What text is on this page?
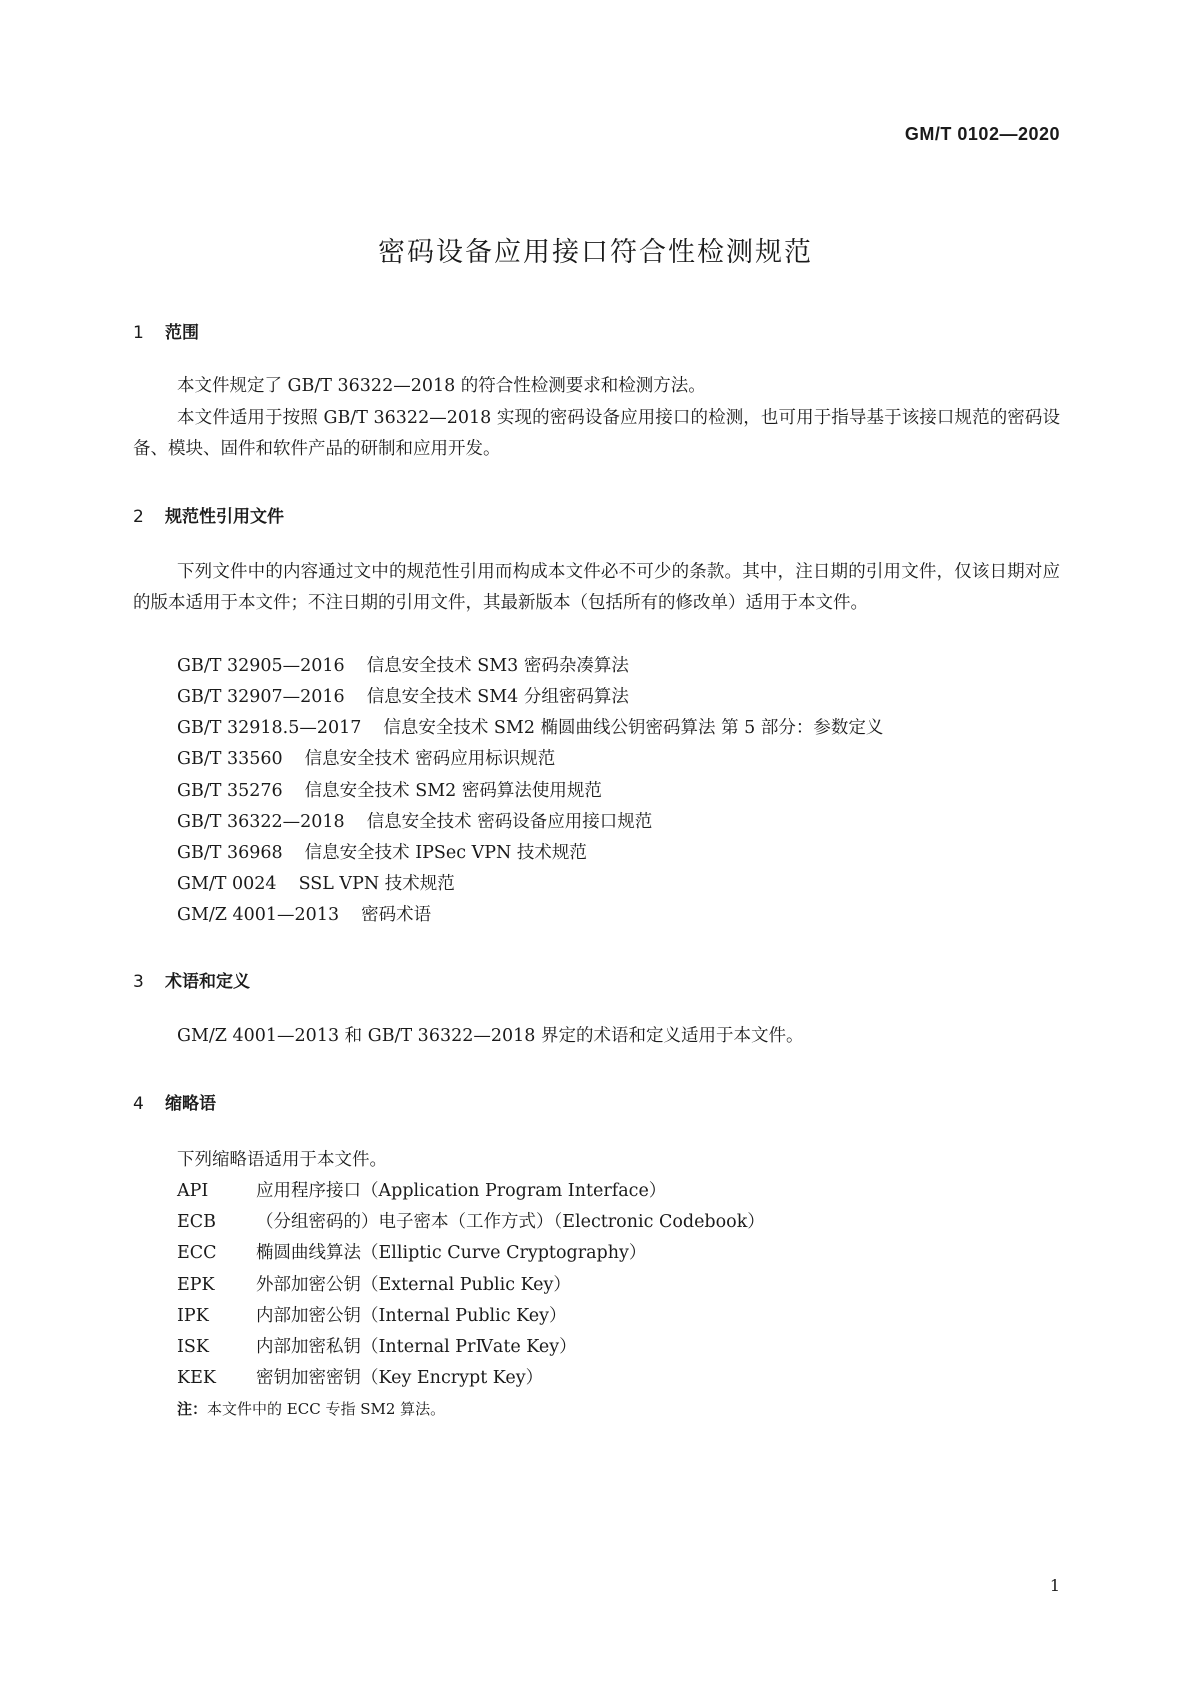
GM/T 0102—2020
密码设备应用接口符合性检测规范
1 范围
本文件规定了 GB/T 36322—2018 的符合性检测要求和检测方法。
本文件适用于按照 GB/T 36322—2018 实现的密码设备应用接口的检测，也可用于指导基于该接口规范的密码设备、模块、固件和软件产品的研制和应用开发。
2 规范性引用文件
下列文件中的内容通过文中的规范性引用而构成本文件必不可少的条款。其中，注日期的引用文件，仅该日期对应的版本适用于本文件；不注日期的引用文件，其最新版本（包括所有的修改单）适用于本文件。
GB/T 32905—2016 信息安全技术 SM3 密码杂凑算法
GB/T 32907—2016 信息安全技术 SM4 分组密码算法
GB/T 32918.5—2017 信息安全技术 SM2 椭圆曲线公钥密码算法 第 5 部分：参数定义
GB/T 33560 信息安全技术 密码应用标识规范
GB/T 35276 信息安全技术 SM2 密码算法使用规范
GB/T 36322—2018 信息安全技术 密码设备应用接口规范
GB/T 36968 信息安全技术 IPSec VPN 技术规范
GM/T 0024 SSL VPN 技术规范
GM/Z 4001—2013 密码术语
3 术语和定义
GM/Z 4001—2013 和 GB/T 36322—2018 界定的术语和定义适用于本文件。
4 缩略语
下列缩略语适用于本文件。
API	应用程序接口（Application Program Interface）
ECB （分组密码的）电子密本（工作方式）（Electronic Codebook）
ECC 椭圆曲线算法（Elliptic Curve Cryptography）
EPK 外部加密公钥（External Public Key）
IPK	内部加密公钥（Internal Public Key）
ISK	内部加密私钥（Internal PrⅣate Key）
KEK 密钥加密密钥（Key Encrypt Key）
注：本文件中的 ECC 专指 SM2 算法。
1
